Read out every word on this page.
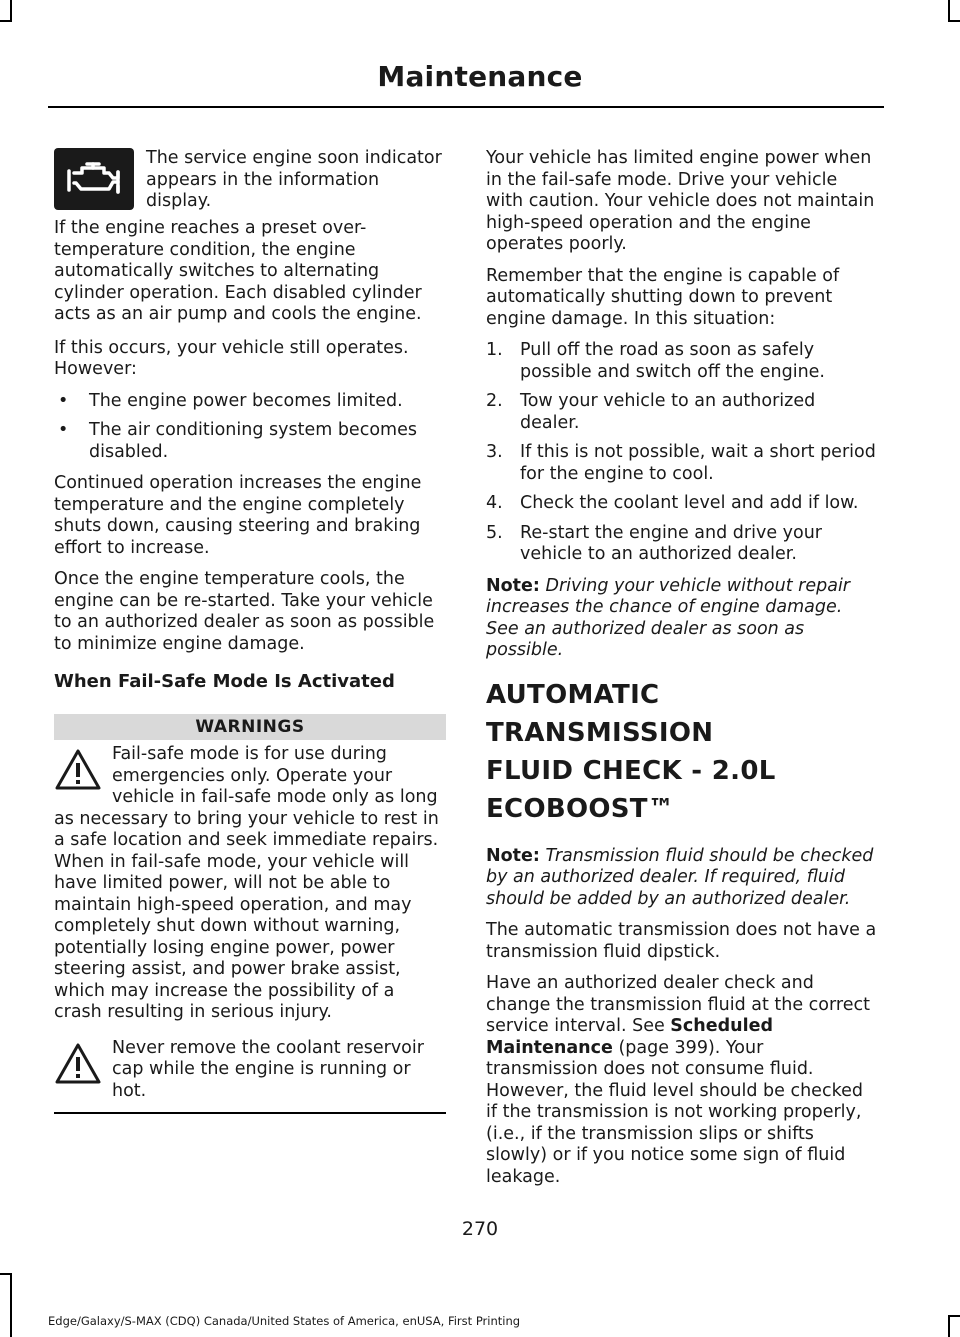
Maintenance
The service engine soon indicator appears in the information display.

If the engine reaches a preset over-temperature condition, the engine automatically switches to alternating cylinder operation. Each disabled cylinder acts as an air pump and cools the engine.

If this occurs, your vehicle still operates. However:

• The engine power becomes limited.
• The air conditioning system becomes disabled.

Continued operation increases the engine temperature and the engine completely shuts down, causing steering and braking effort to increase.

Once the engine temperature cools, the engine can be re-started. Take your vehicle to an authorized dealer as soon as possible to minimize engine damage.

When Fail-Safe Mode Is Activated
WARNINGS
Fail-safe mode is for use during emergencies only. Operate your vehicle in fail-safe mode only as long as necessary to bring your vehicle to rest in a safe location and seek immediate repairs. When in fail-safe mode, your vehicle will have limited power, will not be able to maintain high-speed operation, and may completely shut down without warning, potentially losing engine power, power steering assist, and power brake assist, which may increase the possibility of a crash resulting in serious injury.
Never remove the coolant reservoir cap while the engine is running or hot.

Your vehicle has limited engine power when in the fail-safe mode. Drive your vehicle with caution. Your vehicle does not maintain high-speed operation and the engine operates poorly.

Remember that the engine is capable of automatically shutting down to prevent engine damage. In this situation:

1. Pull off the road as soon as safely possible and switch off the engine.
2. Tow your vehicle to an authorized dealer.
3. If this is not possible, wait a short period for the engine to cool.
4. Check the coolant level and add if low.
5. Re-start the engine and drive your vehicle to an authorized dealer.

Note: Driving your vehicle without repair increases the chance of engine damage. See an authorized dealer as soon as possible.

AUTOMATIC TRANSMISSION
FLUID CHECK - 2.0L
ECOBOOST™

Note: Transmission fluid should be checked by an authorized dealer. If required, fluid should be added by an authorized dealer.

The automatic transmission does not have a transmission fluid dipstick.

Have an authorized dealer check and change the transmission fluid at the correct service interval. See Scheduled Maintenance (page 399). Your transmission does not consume fluid. However, the fluid level should be checked if the transmission is not working properly, (i.e., if the transmission slips or shifts slowly) or if you notice some sign of fluid leakage.

270
Edge/Galaxy/S-MAX (CDQ) Canada/United States of America, enUSA, First Printing
